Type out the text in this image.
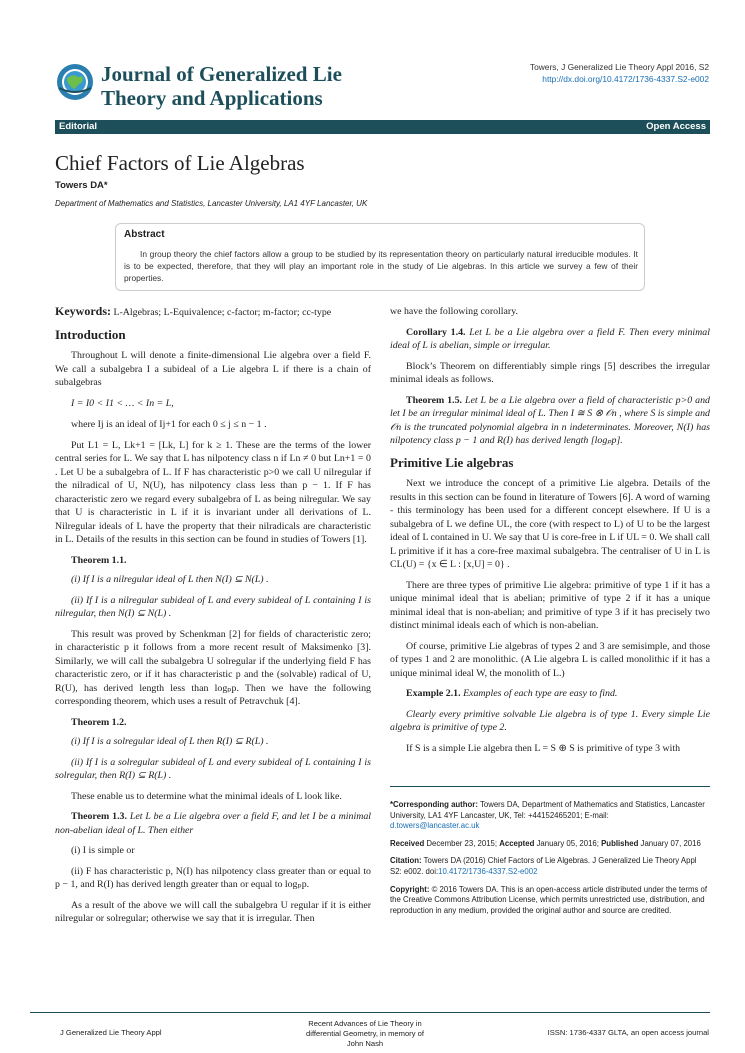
Journal of Generalized Lie
Theory and Applications
Towers, J Generalized Lie Theory Appl 2016, S2
http://dx.doi.org/10.4172/1736-4337.S2-e002
Editorial	Open Access
Chief Factors of Lie Algebras
Towers DA*
Department of Mathematics and Statistics, Lancaster University, LA1 4YF Lancaster, UK
Abstract
In group theory the chief factors allow a group to be studied by its representation theory on particularly natural irreducible modules. It is to be expected, therefore, that they will play an important role in the study of Lie algebras. In this article we survey a few of their properties.

Keywords: L-Algebras; L-Equivalence; c-factor; m-factor; cc-type

Introduction

Throughout L will denote a finite-dimensional Lie algebra over a field F. We call a subalgebra I a subideal of a Lie algebra L if there is a chain of subalgebras

I = I0 < I1 < … < In = L,

where Ij is an ideal of Ij+1 for each 0 ≤ j ≤ n − 1 .

Put L1 = L, Lk+1 = [Lk, L] for k ≥ 1. These are the terms of the lower central series for L. We say that L has nilpotency class n if Ln ≠ 0 but Ln+1 = 0 . Let U be a subalgebra of L. If F has characteristic p>0 we call U nilregular if the nilradical of U, N(U), has nilpotency class less than p − 1. If F has characteristic zero we regard every subalgebra of L as being nilregular. We say that U is characteristic in L if it is invariant under all derivations of L. Nilregular ideals of L have the property that their nilradicals are characteristic in L. Details of the results in this section can be found in studies of Towers [1].

Theorem 1.1.

(i) If I is a nilregular ideal of L then N(I) ⊆ N(L) .

(ii) If I is a nilregular subideal of L and every subideal of L containing I is nilregular, then N(I) ⊆ N(L) .

This result was proved by Schenkman [2] for fields of characteristic zero; in characteristic p it follows from a more recent result of Maksimenko [3]. Similarly, we will call the subalgebra U solregular if the underlying field F has characteristic zero, or if it has characteristic p and the (solvable) radical of U, R(U), has derived length less than logₚp. Then we have the following corresponding theorem, which uses a result of Petravchuk [4].

Theorem 1.2.

(i) If I is a solregular ideal of L then R(I) ⊆ R(L) .

(ii) If I is a solregular subideal of L and every subideal of L containing I is solregular, then R(I) ⊆ R(L) .

These enable us to determine what the minimal ideals of L look like.

Theorem 1.3. Let L be a Lie algebra over a field F, and let I be a minimal non-abelian ideal of L. Then either

(i) I is simple or

(ii) F has characteristic p, N(I) has nilpotency class greater than or equal to p − 1, and R(I) has derived length greater than or equal to logₚp.

As a result of the above we will call the subalgebra U regular if it is either nilregular or solregular; otherwise we say that it is irregular. Then

we have the following corollary.

Corollary 1.4. Let L be a Lie algebra over a field F. Then every minimal ideal of L is abelian, simple or irregular.

Block’s Theorem on differentiably simple rings [5] describes the irregular minimal ideals as follows.

Theorem 1.5. Let L be a Lie algebra over a field of characteristic p>0 and let I be an irregular minimal ideal of L. Then I ≅ S ⊗ 𝒪n , where S is simple and 𝒪n is the truncated polynomial algebra in n indeterminates. Moreover, N(I) has nilpotency class p − 1 and R(I) has derived length [logₚp].

Primitive Lie algebras

Next we introduce the concept of a primitive Lie algebra. Details of the results in this section can be found in literature of Towers [6]. A word of warning - this terminology has been used for a different concept elsewhere. If U is a subalgebra of L we define UL, the core (with respect to L) of U to be the largest ideal of L contained in U. We say that U is core-free in L if UL = 0. We shall call L primitive if it has a core-free maximal subalgebra. The centraliser of U in L is CL(U) = {x ∈ L : [x,U] = 0} .

There are three types of primitive Lie algebra: primitive of type 1 if it has a unique minimal ideal that is abelian; primitive of type 2 if it has a unique minimal ideal that is non-abelian; and primitive of type 3 if it has precisely two distinct minimal ideals each of which is non-abelian.

Of course, primitive Lie algebras of types 2 and 3 are semisimple, and those of types 1 and 2 are monolithic. (A Lie algebra L is called monolithic if it has a unique minimal ideal W, the monolith of L.)

Example 2.1. Examples of each type are easy to find.

Clearly every primitive solvable Lie algebra is of type 1. Every simple Lie algebra is primitive of type 2.

If S is a simple Lie algebra then L = S ⊕ S is primitive of type 3 with

*Corresponding author: Towers DA, Department of Mathematics and Statistics, Lancaster University, LA1 4YF Lancaster, UK, Tel: +44152465201; E-mail:
d.towers@lancaster.ac.uk

Received December 23, 2015; Accepted January 05, 2016; Published January 07, 2016

Citation: Towers DA (2016) Chief Factors of Lie Algebras. J Generalized Lie Theory Appl S2: e002. doi:10.4172/1736-4337.S2-e002

Copyright: © 2016 Towers DA. This is an open-access article distributed under the terms of the Creative Commons Attribution License, which permits unrestricted use, distribution, and reproduction in any medium, provided the original author and source are credited.

J Generalized Lie Theory Appl
Recent Advances of Lie Theory in
differential Geometry, in memory of
John Nash
ISSN: 1736-4337 GLTA, an open access journal
